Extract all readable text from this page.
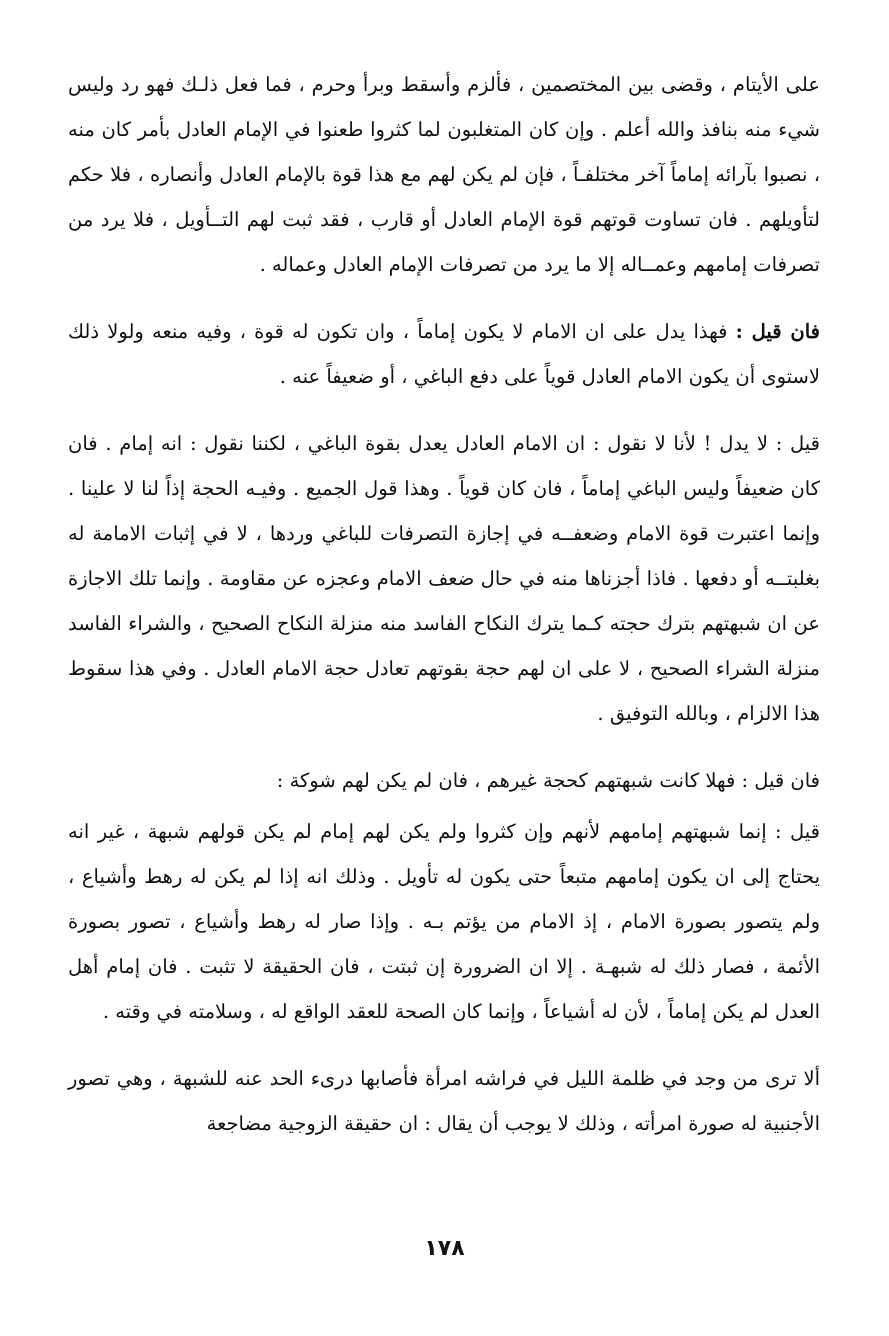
على الأيتام ، وقضى بين المختصمين ، فألزم وأسقط وبرأ وحرم ، فما فعل ذلـك فهو رد وليس شيء منه بنافذ والله أعلم . وإن كان المتغلبون لما كثروا طعنوا في الإمام العادل بأمر كان منه ، نصبوا بآرائه إماماً آخر مختلفـاً ، فإن لم يكن لهم مع هذا قوة بالإمام العادل وأنصاره ، فلا حكم لتأويلهم . فان تساوت قوتهم قوة الإمام العادل أو قارب ، فقد ثبت لهم التــأويل ، فلا يرد من تصرفات إمامهم وعمــاله إلا ما يرد من تصرفات الإمام العادل وعماله .

فان قيل : فهذا يدل على ان الامام لا يكون إماماً ، وان تكون له قوة ، وفيه منعه ولولا ذلك لاستوى أن يكون الامام العادل قوياً على دفع الباغي ، أو ضعيفاً عنه .

قيل : لا يدل ! لأنا لا نقول : ان الامام العادل يعدل بقوة الباغي ، لكننا نقول : انه إمام . فان كان ضعيفاً وليس الباغي إماماً ، فان كان قوياً . وهذا قول الجميع . وفيـه الحجة إذاً لنا لا علينا . وإنما اعتبرت قوة الامام وضعفــه في إجازة التصرفات للباغي وردها ، لا في إثبات الامامة له بغلبتــه أو دفعها . فاذا أجزناها منه في حال ضعف الامام وعجزه عن مقاومة . وإنما تلك الاجازة عن ان شبهتهم بترك حجته كـما يترك النكاح الفاسد منه منزلة النكاح الصحيح ، والشراء الفاسد منزلة الشراء الصحيح ، لا على ان لهم حجة بقوتهم تعادل حجة الامام العادل . وفي هذا سقوط هذا الالزام ، وبالله التوفيق .

فان قيل : فهلا كانت شبهتهم كحجة غيرهم ، فان لم يكن لهم شوكة :

قيل : إنما شبهتهم إمامهم لأنهم وإن كثروا ولم يكن لهم إمام لم يكن قولهم شبهة ، غير انه يحتاج إلى ان يكون إمامهم متبعاً حتى يكون له تأويل . وذلك انه إذا لم يكن له رهط وأشياع ، ولم يتصور بصورة الامام ، إذ الامام من يؤتم بـه . وإذا صار له رهط وأشياع ، تصور بصورة الأئمة ، فصار ذلك له شبهـة . إلا ان الضرورة إن ثبتت ، فان الحقيقة لا تثبت . فان إمام أهل العدل لم يكن إماماً ، لأن له أشياعاً ، وإنما كان الصحة للعقد الواقع له ، وسلامته في وقته .

ألا ترى من وجد في ظلمة الليل في فراشه امرأة فأصابها درىء الحد عنه للشبهة ، وهي تصور الأجنبية له صورة امرأته ، وذلك لا يوجب أن يقال : ان حقيقة الزوجية مضاجعة

١٧٨
